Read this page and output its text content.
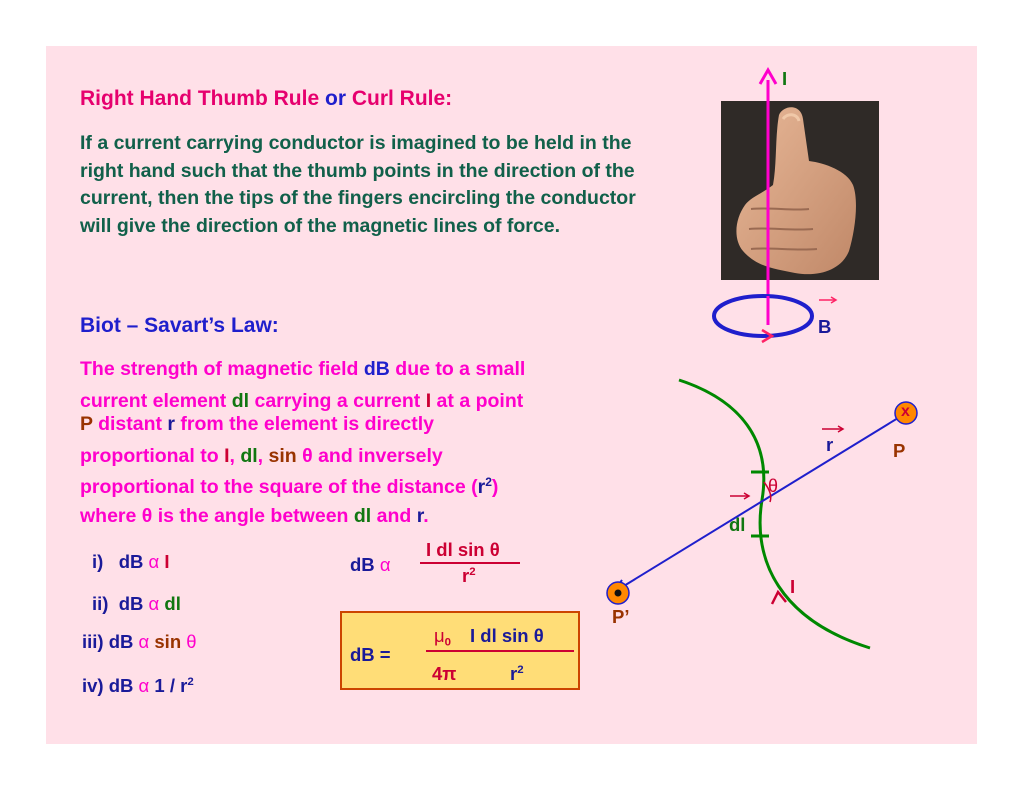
Right Hand Thumb Rule or Curl Rule:
If a current carrying conductor is imagined to be held in the right hand such that the thumb points in the direction of the current, then the tips of the fingers encircling the conductor will give the direction of the magnetic lines of force.
Biot – Savart’s Law:
The strength of magnetic field dB due to a small
current element dl carrying a current I at a point
P distant r from the element is directly
proportional to I, dl, sin θ and inversely
proportional to the square of the distance $(r^2)$
where θ is the angle between dl and r.
i) dB α I
ii) dB α dl
iii) dB α sin θ
iv) dB α $1 / r^2$
dB α
I dl sin θ
$r^2$
dB =
$\mu_0$ I dl sin θ
4π	$r^2$
I
B
r	P
x
θ
dl
I
P’
